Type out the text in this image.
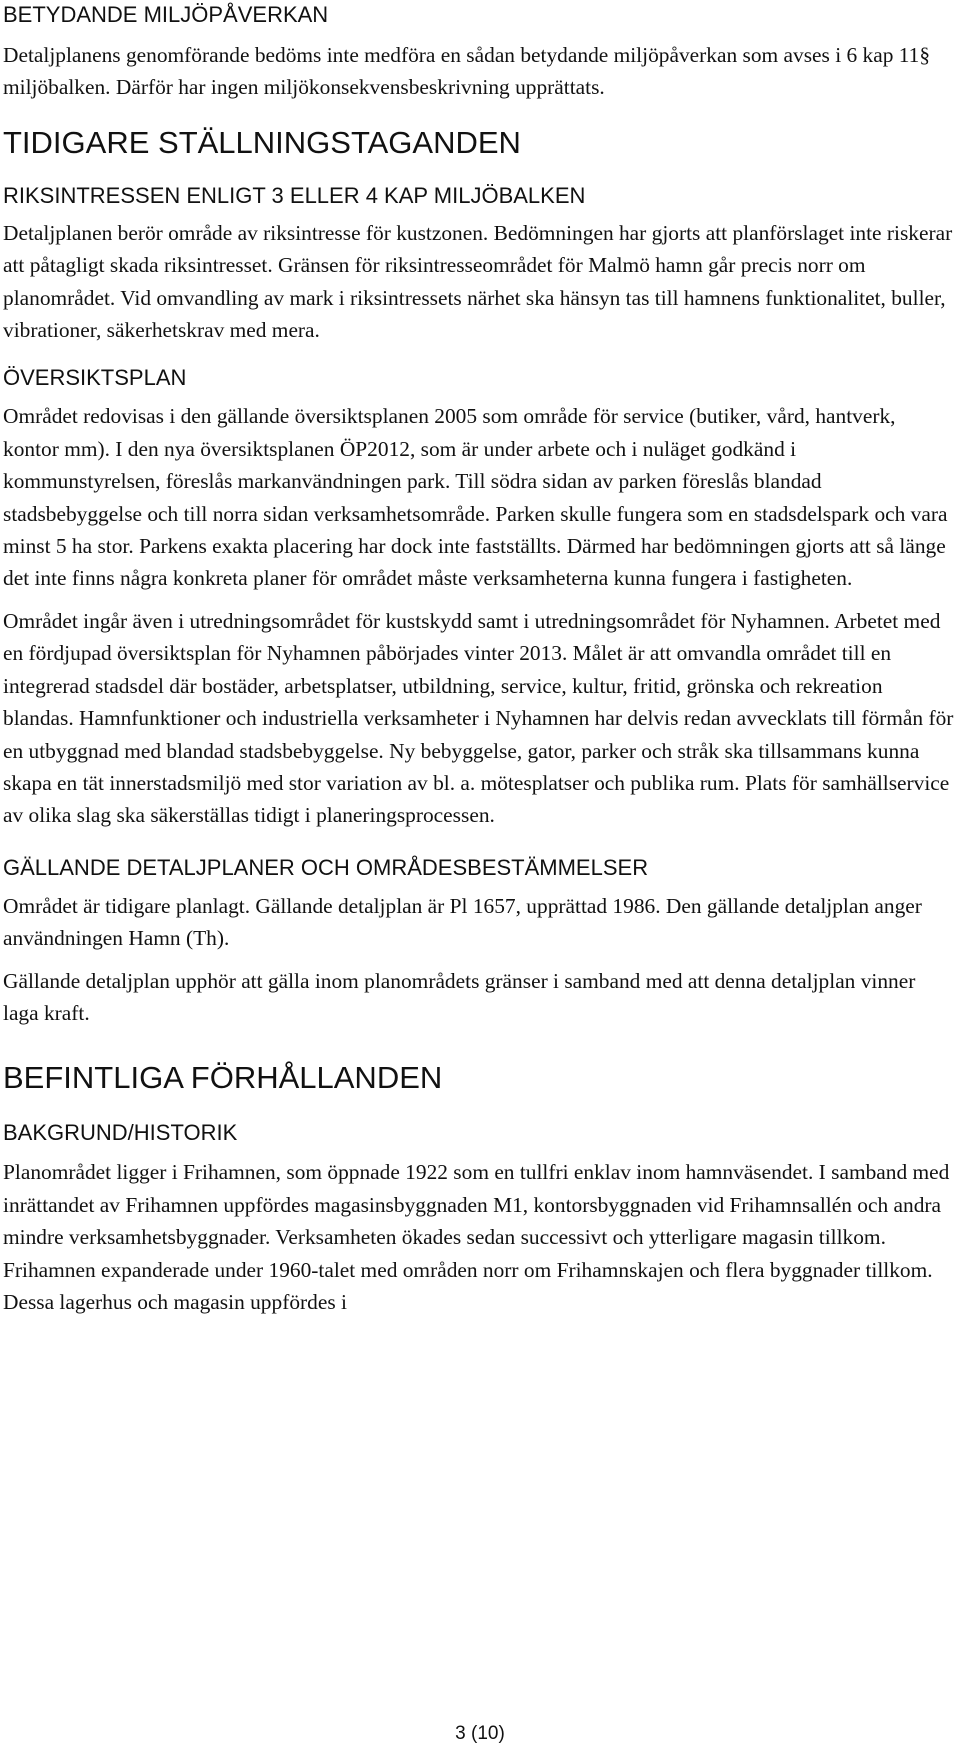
BETYDANDE MILJÖPÅVERKAN

Detaljplanens genomförande bedöms inte medföra en sådan betydande miljöpåverkan som avses i 6 kap 11§ miljöbalken. Därför har ingen miljökonsekvensbeskrivning upprättats.

TIDIGARE STÄLLNINGSTAGANDEN
RIKSINTRESSEN ENLIGT 3 ELLER 4 KAP MILJÖBALKEN

Detaljplanen berör område av riksintresse för kustzonen. Bedömningen har gjorts att planförslaget inte riskerar att påtagligt skada riksintresset. Gränsen för riksintresseområdet för Malmö hamn går precis norr om planområdet. Vid omvandling av mark i riksintressets närhet ska hänsyn tas till hamnens funktionalitet, buller, vibrationer, säkerhetskrav med mera.

ÖVERSIKTSPLAN

Området redovisas i den gällande översiktsplanen 2005 som område för service (butiker, vård, hantverk, kontor mm). I den nya översiktsplanen ÖP2012, som är under arbete och i nuläget godkänd i kommunstyrelsen, föreslås markanvändningen park. Till södra sidan av parken föreslås blandad stadsbebyggelse och till norra sidan verksamhetsområde. Parken skulle fungera som en stadsdelspark och vara minst 5 ha stor. Parkens exakta placering har dock inte fastställts. Därmed har bedömningen gjorts att så länge det inte finns några konkreta planer för området måste verksamheterna kunna fungera i fastigheten.

Området ingår även i utredningsområdet för kustskydd samt i utredningsområdet för Nyhamnen. Arbetet med en fördjupad översiktsplan för Nyhamnen påbörjades vinter 2013. Målet är att omvandla området till en integrerad stadsdel där bostäder, arbetsplatser, utbildning, service, kultur, fritid, grönska och rekreation blandas. Hamnfunktioner och industriella verksamheter i Nyhamnen har delvis redan avvecklats till förmån för en utbyggnad med blandad stadsbebyggelse. Ny bebyggelse, gator, parker och stråk ska tillsammans kunna skapa en tät innerstadsmiljö med stor variation av bl. a. mötesplatser och publika rum. Plats för samhällservice av olika slag ska säkerställas tidigt i planeringsprocessen.

GÄLLANDE DETALJPLANER OCH OMRÅDESBESTÄMMELSER

Området är tidigare planlagt. Gällande detaljplan är Pl 1657, upprättad 1986. Den gällande detaljplan anger användningen Hamn (Th).

Gällande detaljplan upphör att gälla inom planområdets gränser i samband med att denna detaljplan vinner laga kraft.

BEFINTLIGA FÖRHÅLLANDEN
BAKGRUND/HISTORIK

Planområdet ligger i Frihamnen, som öppnade 1922 som en tullfri enklav inom hamnväsendet. I samband med inrättandet av Frihamnen uppfördes magasinsbyggnaden M1, kontorsbyggnaden vid Frihamnsallén och andra mindre verksamhetsbyggnader. Verksamheten ökades sedan successivt och ytterligare magasin tillkom. Frihamnen expanderade under 1960-talet med områden norr om Frihamnskajen och flera byggnader tillkom. Dessa lagerhus och magasin uppfördes i

3 (10)
